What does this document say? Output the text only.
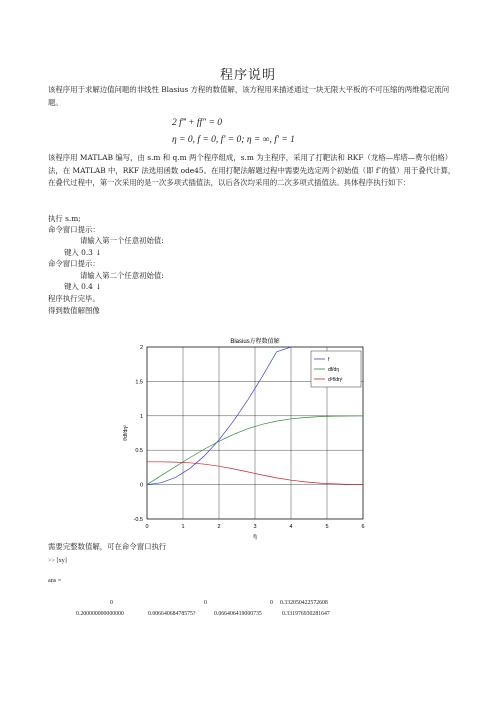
程序说明
该程序用于求解边值问题的非线性 Blasius 方程的数值解，该方程用来描述通过一块无限大平板的不可压缩的两维稳定流问题。
2 f‴ + ff″ = 0
η = 0, f = 0, f′ = 0; η = ∞, f′ = 1
该程序用 MATLAB 编写，由 s.m 和 q.m 两个程序组成，s.m 为主程序，采用了打靶法和 RKF（龙格—库塔—费尔伯格）法，在 MATLAB 中，RKF 法选用函数 ode45。在用打靶法解题过程中需要先选定两个初始值（即 f″的值）用于叠代计算，在叠代过程中，第一次采用的是一次多项式插值法，以后各次均采用的二次多项式插值法。具体程序执行如下：
执行 s.m;
命令窗口提示：
请输入第一个任意初始值:
键入 0.3 ↓
命令窗口提示：
请输入第二个任意初始值:
键入 0.4 ↓
程序执行完毕。
得到数值解图像
0	1	2	3	4	5	6
-0.5
0
0.5
1
1.5
2
Blasius方程数值解
η
f/df/dη²
f
df/dη
d²f/dη²
需要完整数值解，可在命令窗口执行
>> [xy]
ans =
0	0	0 0.332050422572608
0.200000000000000	0.00664068478575?	0.066406419000735	0.331976930281647
